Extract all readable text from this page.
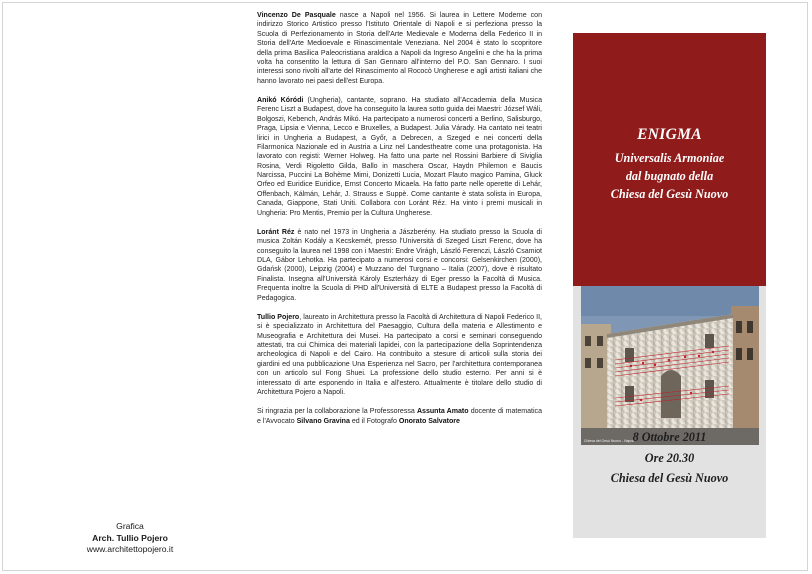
Grafica
Arch. Tullio Pojero
www.architettopojero.it

Vincenzo De Pasquale nasce a Napoli nel 1956. Si laurea in Lettere Moderne con indirizzo Storico Artistico presso l'Istituto Orientale di Napoli e si perfeziona presso la Scuola di Perfezionamento in Storia dell'Arte Medievale e Moderna della Federico II in Storia dell'Arte Medioevale e Rinascimentale Veneziana. Nel 2004 è stato lo scopritore della prima Basilica Paleocristiana araldica a Napoli da Ingreso Angelini e che ha la prima volta ha consentito la lettura di San Gennaro all'interno del P.O. San Gennaro. I suoi interessi sono rivolti all'arte del Rinascimento al Rococò Ungherese e agli artisti italiani che hanno lavorato nei paesi dell'est Europa.

Anikó Kóródi (Ungheria), cantante, soprano. Ha studiato all'Accademia della Musica Ferenc Liszt a Budapest, dove ha conseguito la laurea sotto guida dei Maestri: József Wáli, Bolgoszi, Kebench, András Mikó. Ha partecipato a numerosi concerti a Berlino, Salisburgo, Praga, Lipsia e Vienna, Lecco e Bruxelles, a Budapest. Julia Várady. Ha cantato nei teatri lirici in Ungheria a Budapest, a Győr, a Debrecen, a Szeged e nei concerti della Filarmonica Nazionale ed in Austria a Linz nel Landestheatre come una protagonista. Ha lavorato con registi: Werner Holweg. Ha fatto una parte nel Rossini Barbiere di Siviglia Rosina, Verdi Rigoletto Gilda, Ballo in maschera Oscar, Haydn Philemon e Baucis Narcissa, Puccini La Bohème Mimi, Donizetti Lucia, Mozart Flauto magico Pamina, Gluck Orfeo ed Euridice Euridice, Ernst Concerto Micaela. Ha fatto parte nelle operette di Lehár, Offenbach, Kálmán, Lehár, J. Strauss e Suppè. Come cantante è stata solista in Europa, Canada, Giappone, Stati Uniti. Collabora con Loránt Réz. Ha vinto i premi musicali in Ungheria: Pro Mentis, Premio per la Cultura Ungherese.

Loránt Réz è nato nel 1973 in Ungheria a Jászberény. Ha studiato presso la Scuola di musica Zoltán Kodály a Kecskemét, presso l'Università di Szeged Liszt Ferenc, dove ha conseguito la laurea nel 1998 con i Maestri: Endre Virágh, László Ferenczi, László Csamiot DLA, Gábor Lehotka. Ha partecipato a numerosi corsi e concorsi: Gelsenkirchen (2000), Gdańsk (2000), Leipzig (2004) e Muzzano del Turgnano – Italia (2007), dove è risultato Finalista. Insegna all'Università Károly Eszterházy di Eger presso la Facoltà di Musica. Frequenta inoltre la Scuola di PHD all'Università di ELTE a Budapest presso la Facoltà di Pedagogica.

Tullio Pojero, laureato in Architettura presso la Facoltà di Architettura di Napoli Federico II, si è specializzato in Architettura del Paesaggio, Cultura della materia e Allestimento e Museografia e Architettura dei Musei. Ha partecipato a corsi e seminari conseguendo attestati, tra cui Chimica dei materiali lapidei, con la partecipazione della Soprintendenza archeologica di Napoli e del Cairo. Ha contribuito a stesure di articoli sulla storia dei giardini ed una pubblicazione Una Esperienza nel Sacro, per l'architettura contemporanea con un articolo sul Fong Shuei. La professione dello studio esterno. Per anni si è interessato di arte esponendo in Italia e all'estero. Attualmente è titolare dello studio di Architettura Pojero a Napoli.

Si ringrazia per la collaborazione la Professoressa Assunta Amato docente di matematica e l'Avvocato Silvano Gravina ed il Fotografo Onorato Salvatore

ENIGMA
Universalis Armoniae
dal bugnato della
Chiesa del Gesù Nuovo
Chiesa del Gesù Nuovo - Napoli
8 Ottobre 2011
Ore 20.30
Chiesa del Gesù Nuovo
